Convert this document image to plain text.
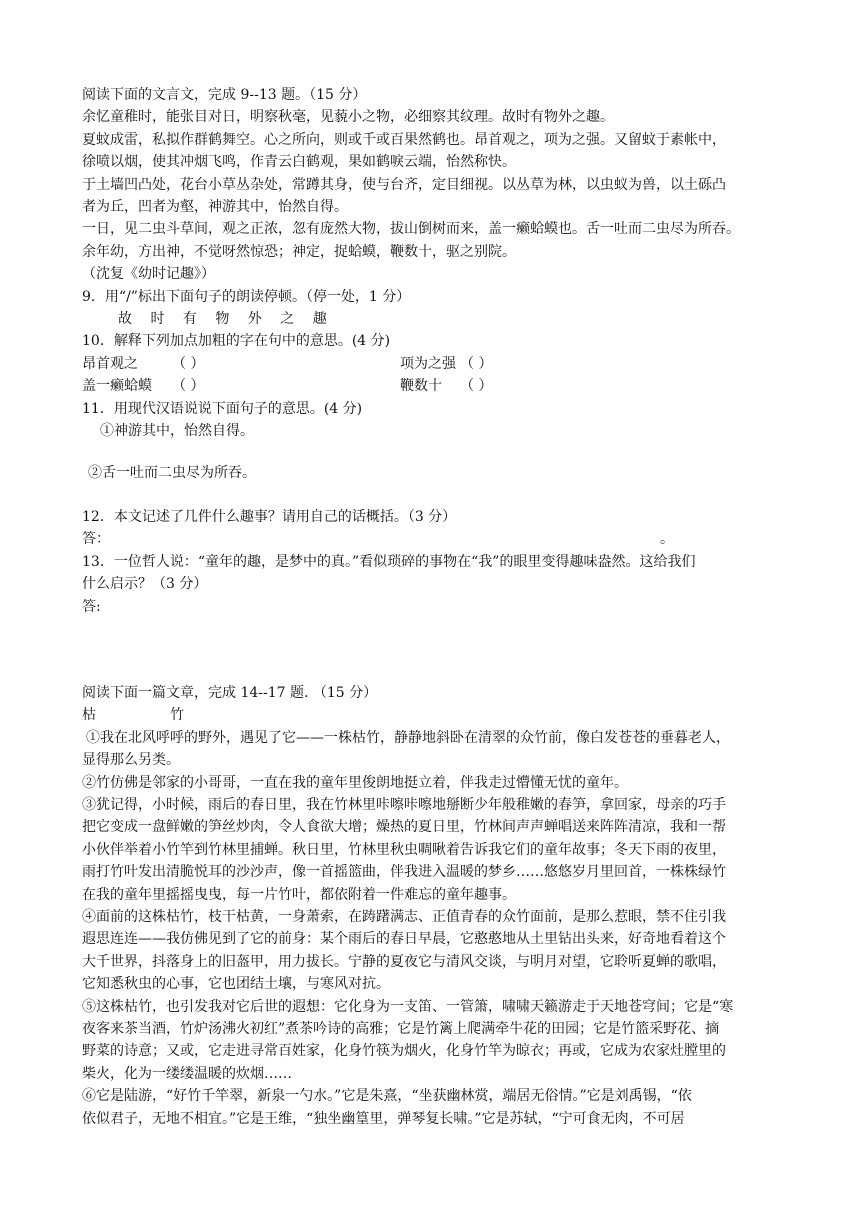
阅读下面的文言文，完成 9--13 题。（15 分）
余忆童稚时，能张目对日，明察秋毫，见藐小之物，必细察其纹理。故时有物外之趣。
夏蚊成雷，私拟作群鹤舞空。心之所向，则或千或百果然鹤也。昂首观之，项为之强。又留蚊于素帐中，
徐喷以烟，使其冲烟飞鸣，作青云白鹤观，果如鹤唳云端，怡然称快。
于土墙凹凸处，花台小草丛杂处，常蹲其身，使与台齐，定目细视。以丛草为林，以虫蚁为兽，以土砾凸
者为丘，凹者为壑，神游其中，怡然自得。
一日，见二虫斗草间，观之正浓，忽有庞然大物，拔山倒树而来，盖一癞蛤蟆也。舌一吐而二虫尽为所吞。
余年幼，方出神，不觉呀然惊恐；神定，捉蛤蟆，鞭数十，驱之别院。
（沈复《幼时记趣》）
9．用“/”标出下面句子的朗读停顿。（停一处，1 分）
故 时 有 物 外 之 趣
10．解释下列加点加粗的字在句中的意思。(4 分)
昂首观之	（ ）	项为之强 （ ）
盖一癞蛤蟆	（ ）	鞭数十	（ ）
11．用现代汉语说说下面句子的意思。(4 分)
①神游其中，怡然自得。
②舌一吐而二虫尽为所吞。
12．本文记述了几件什么趣事？请用自己的话概括。（3 分）
答：	。
13．一位哲人说：“童年的趣，是梦中的真。”看似琐碎的事物在“我”的眼里变得趣味盎然。这给我们
什么启示？（3 分）
答:
阅读下面一篇文章，完成 14--17 题. （15 分）
枯	竹
①我在北风呼呼的野外，遇见了它——一株枯竹，静静地斜卧在清翠的众竹前，像白发苍苍的垂暮老人，
显得那么另类。
②竹仿佛是邻家的小哥哥，一直在我的童年里俊朗地挺立着，伴我走过懵懂无忧的童年。
③犹记得，小时候，雨后的春日里，我在竹林里咔嚓咔嚓地掰断少年般稚嫩的春笋，拿回家，母亲的巧手
把它变成一盘鲜嫩的笋丝炒肉，令人食欲大增；燥热的夏日里，竹林间声声蝉唱送来阵阵清凉，我和一帮
小伙伴举着小竹竿到竹林里捕蝉。秋日里，竹林里秋虫啁啾着告诉我它们的童年故事；冬天下雨的夜里，
雨打竹叶发出清脆悦耳的沙沙声，像一首摇篮曲，伴我进入温暖的梦乡……悠悠岁月里回首，一株株绿竹
在我的童年里摇摇曳曳，每一片竹叶，都依附着一件难忘的童年趣事。
④面前的这株枯竹，枝干枯黄，一身萧索，在踌躇满志、正值青春的众竹面前，是那么惹眼，禁不住引我
遐思连连——我仿佛见到了它的前身：某个雨后的春日早晨，它憨憨地从土里钻出头来，好奇地看着这个
大千世界，抖落身上的旧盔甲，用力拔长。宁静的夏夜它与清风交谈，与明月对望，它聆听夏蝉的歌唱，
它知悉秋虫的心事，它也团结土壤，与寒风对抗。
⑤这株枯竹，也引发我对它后世的遐想：它化身为一支笛、一管箫，啸啸天籁游走于天地苍穹间；它是“寒
夜客来茶当酒，竹炉汤沸火初红”煮茶吟诗的高雅；它是竹篱上爬满牵牛花的田园；它是竹篮采野花、摘
野菜的诗意；又或，它走进寻常百姓家，化身竹筷为烟火，化身竹竿为晾衣；再或，它成为农家灶膛里的
柴火，化为一缕缕温暖的炊烟……
⑥它是陆游，“好竹千竿翠，新泉一勺水。”它是朱熹，“坐获幽林赏，端居无俗情。”它是刘禹锡，“依
依似君子，无地不相宜。”它是王维，“独坐幽篁里，弹琴复长啸。”它是苏轼，“宁可食无肉，不可居
